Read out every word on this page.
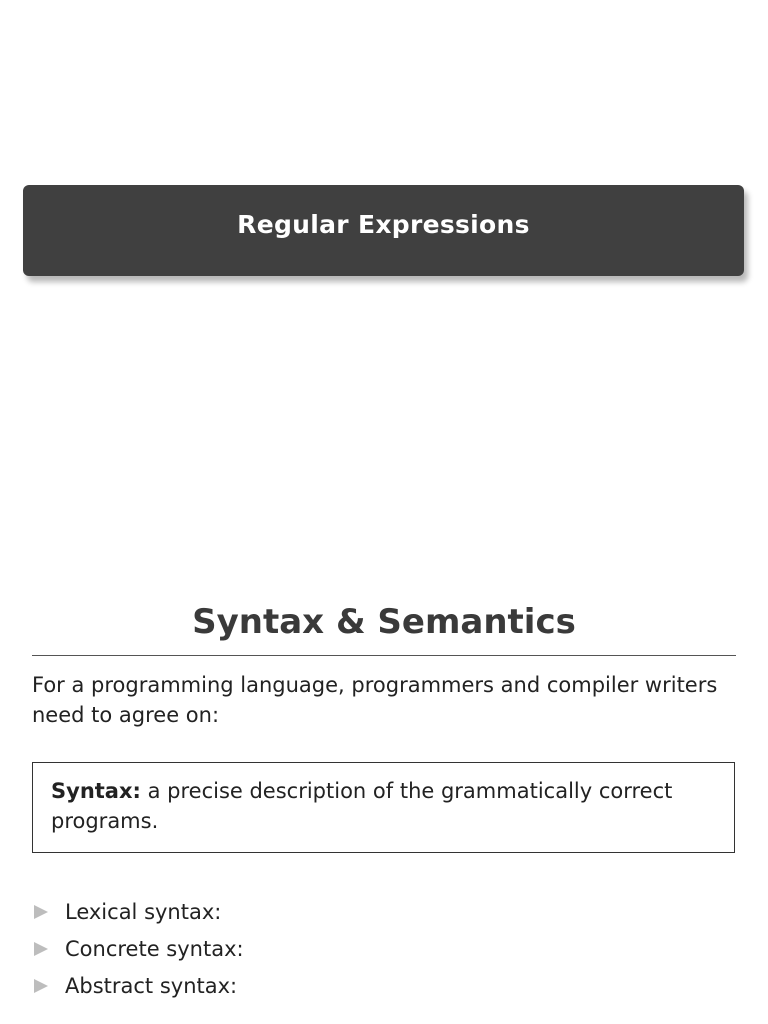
Regular Expressions
Syntax & Semantics
For a programming language, programmers and compiler writers need to agree on:
Syntax: a precise description of the grammatically correct programs.
Lexical syntax:
Concrete syntax:
Abstract syntax:
